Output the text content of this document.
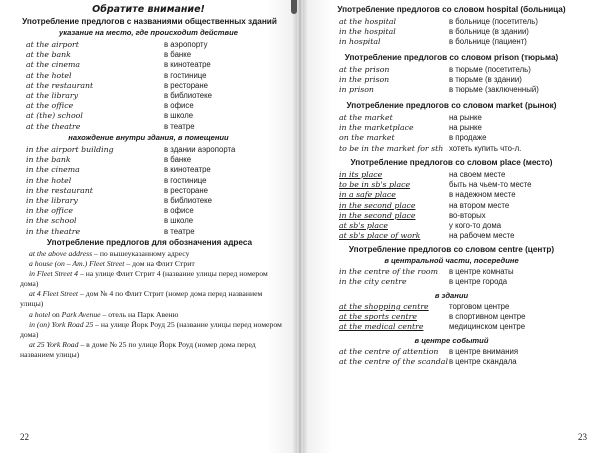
Обратите внимание!
Употребление предлогов с названиями общественных зданий
указание на место, где происходит действие
at the airport	в аэропорту
at the bank	в банке
at the cinema	в кинотеатре
at the hotel	в гостинице
at the restaurant	в ресторане
at the library	в библиотеке
at the office	в офисе
at (the) school	в школе
at the theatre	в театре
нахождение внутри здания, в помещении
in the airport building	в здании аэропорта
in the bank	в банке
in the cinema	в кинотеатре
in the hotel	в гостинице
in the restaurant	в ресторане
in the library	в библиотеке
in the office	в офисе
in the school	в школе
in the theatre	в театре
Употребление предлогов для обозначения адреса

at the above address – по вышеуказанному адресу

a house (on – Am.) Fleet Street – дом на Флит Стрит

in Fleet Street 4 – на улице Флит Стрит 4 (название улицы перед номером дома)

at 4 Fleet Street – дом № 4 по Флит Стрит (номер дома перед названием улицы)

a hotel on Park Avenue – отель на Парк Авеню

in (on) York Road 25 – на улице Йорк Роуд 25 (название улицы перед номером дома)

at 25 York Road – в доме № 25 по улице Йорк Роуд (номер дома перед названием улицы)

22
Употребление предлогов со словом hospital (больница)
at the hospital	в больнице (посетитель)
in the hospital	в больнице (в здании)
in hospital	в больнице (пациент)
Употребление предлогов со словом prison (тюрьма)
at the prison	в тюрьме (посетитель)
in the prison	в тюрьме (в здании)
in prison	в тюрьме (заключенный)
Употребление предлогов со словом market (рынок)
at the market	на рынке
in the marketplace	на рынке
on the market	в продаже
to be in the market for sth хотеть купить что-л.
Употребление предлогов со словом place (место)
in its place	на своем месте
to be in sb's place	быть на чьем-то месте
in a safe place	в надежном месте
in the second place	на втором месте
in the second place	во-вторых
at sb's place	у кого-то дома
at sb's place of work	на рабочем месте
Употребление предлогов со словом centre (центр)
в центральной части, посередине
in the centre of the room в центре комнаты
in the city centre	в центре города
в здании
at the shopping centre	торговом центре
at the sports centre	в спортивном центре
at the medical centre	медицинском центре
в центре событий
at the centre of attention в центре внимания
at the centre of the scandal в центре скандала
23
